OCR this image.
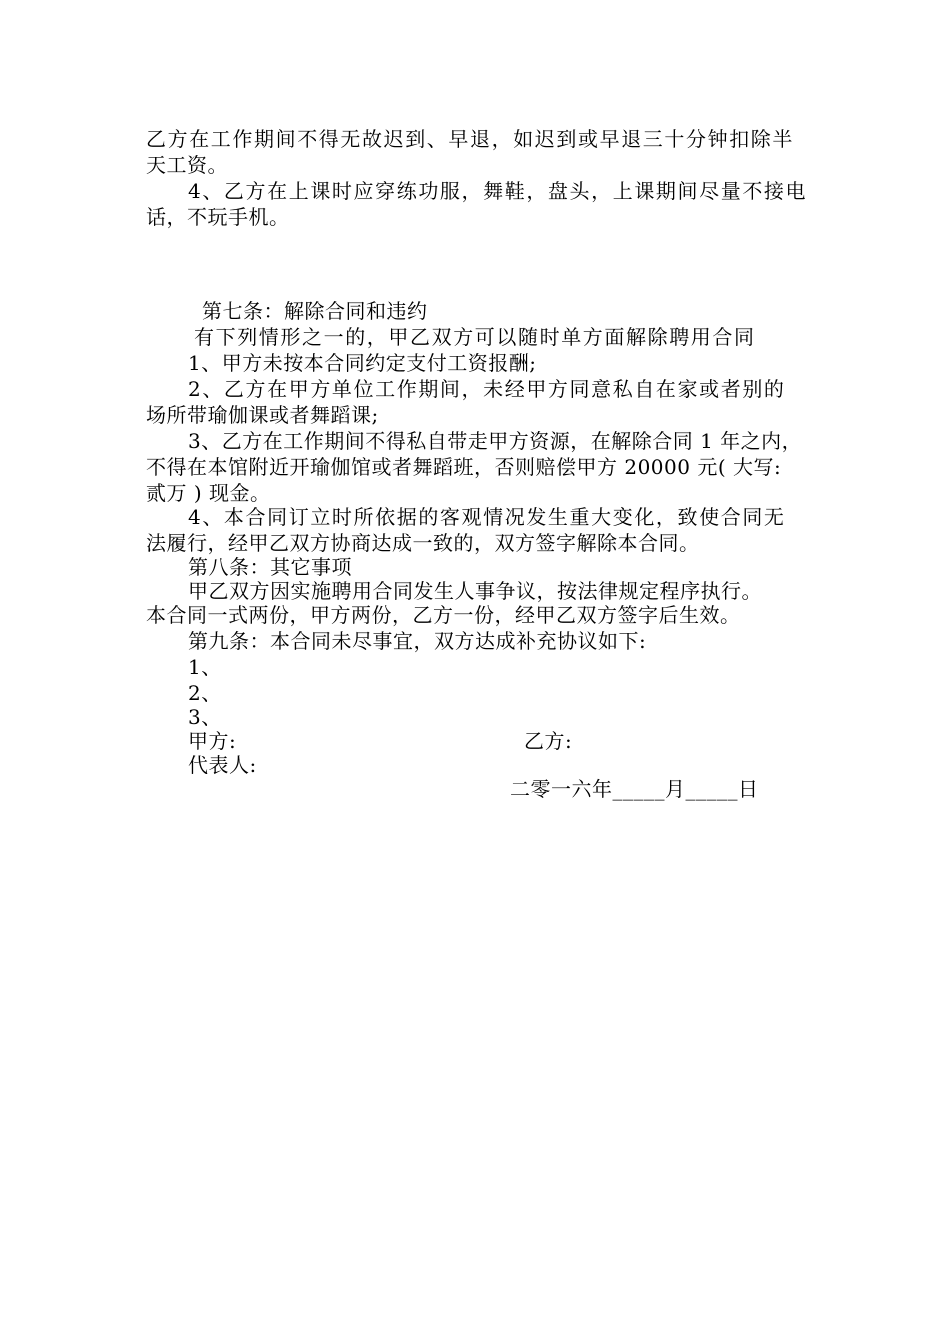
乙方在工作期间不得无故迟到、早退，如迟到或早退三十分钟扣除半
天工资。
4、乙方在上课时应穿练功服，舞鞋，盘头，上课期间尽量不接电
话，不玩手机。
第七条：解除合同和违约
有下列情形之一的，甲乙双方可以随时单方面解除聘用合同
1、甲方未按本合同约定支付工资报酬;
2、乙方在甲方单位工作期间，未经甲方同意私自在家或者别的
场所带瑜伽课或者舞蹈课;
3、乙方在工作期间不得私自带走甲方资源，在解除合同 1 年之内，
不得在本馆附近开瑜伽馆或者舞蹈班，否则赔偿甲方 20000 元( 大写:
贰万 ) 现金。
4、本合同订立时所依据的客观情况发生重大变化，致使合同无
法履行，经甲乙双方协商达成一致的，双方签字解除本合同。
第八条：其它事项
甲乙双方因实施聘用合同发生人事争议，按法律规定程序执行。
本合同一式两份，甲方两份，乙方一份，经甲乙双方签字后生效。
第九条：本合同未尽事宜，双方达成补充协议如下:
1、
2、
3、
甲方:	乙方:
代表人:
二零一六年_____月_____日
